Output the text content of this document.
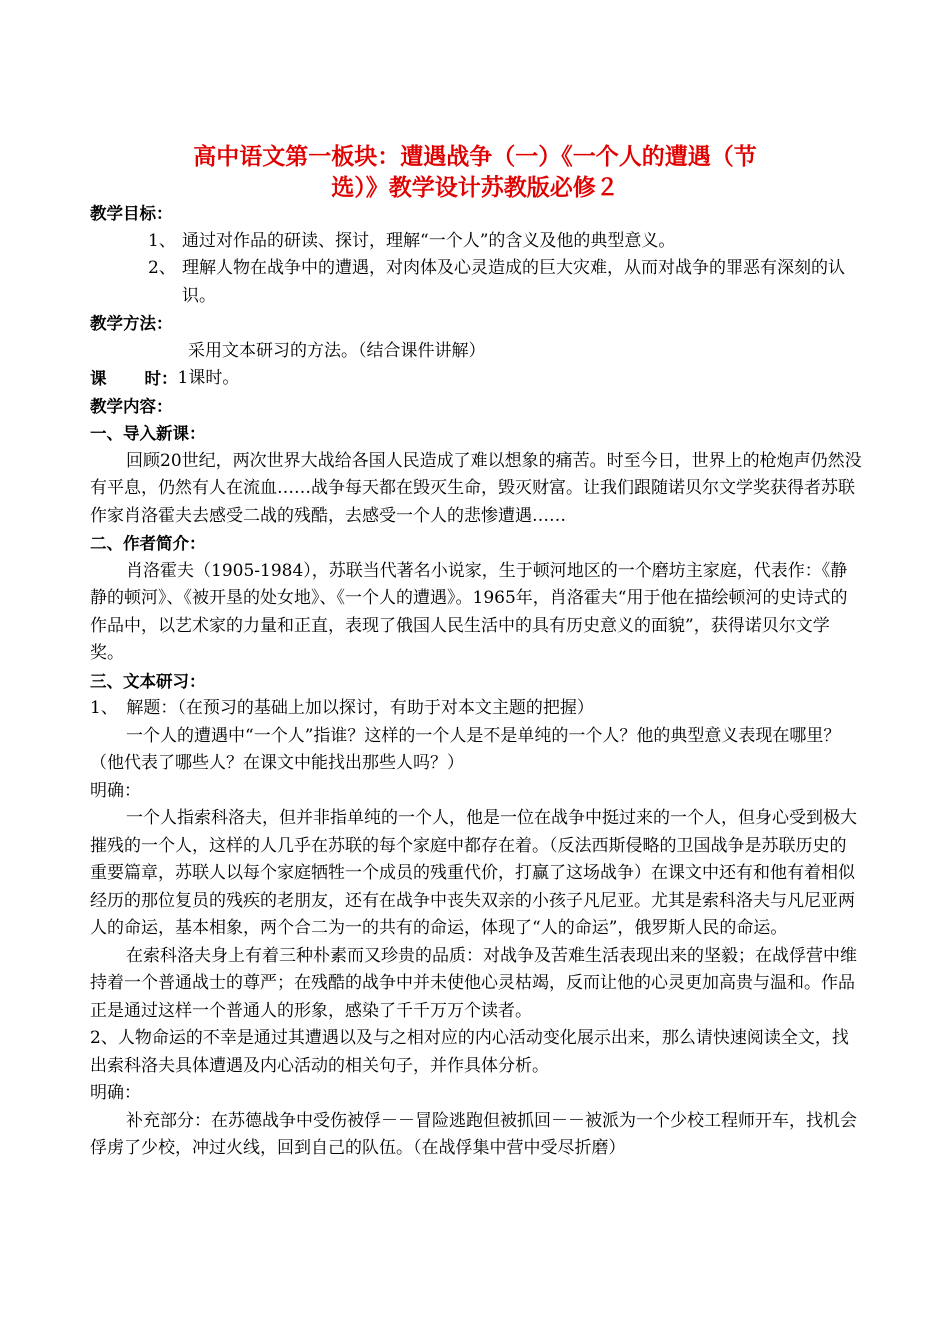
高中语文第一板块：遭遇战争（一）《一个人的遭遇（节
选）》教学设计苏教版必修２

教学目标：

1、 通过对作品的研读、探讨，理解“一个人”的含义及他的典型意义。
2、 理解人物在战争中的遭遇，对肉体及心灵造成的巨大灾难，从而对战争的罪恶有深刻的认识。

教学方法：

采用文本研习的方法。（结合课件讲解）

课 时： 1课时。

教学内容：

一、导入新课：

回顾20世纪，两次世界大战给各国人民造成了难以想象的痛苦。时至今日，世界上的枪炮声仍然没有平息，仍然有人在流血……战争每天都在毁灭生命，毁灭财富。让我们跟随诺贝尔文学奖获得者苏联作家肖洛霍夫去感受二战的残酷，去感受一个人的悲惨遭遇……

二、作者简介：

肖洛霍夫（1905-1984），苏联当代著名小说家，生于顿河地区的一个磨坊主家庭，代表作：《静静的顿河》、《被开垦的处女地》、《一个人的遭遇》。1965年，肖洛霍夫“用于他在描绘顿河的史诗式的作品中，以艺术家的力量和正直，表现了俄国人民生活中的具有历史意义的面貌”，获得诺贝尔文学奖。

三、文本研习：

1、　解题：（在预习的基础上加以探讨，有助于对本文主题的把握）

一个人的遭遇中“一个人”指谁？这样的一个人是不是单纯的一个人？他的典型意义表现在哪里？（他代表了哪些人？在课文中能找出那些人吗？）

明确：

一个人指索科洛夫，但并非指单纯的一个人，他是一位在战争中挺过来的一个人，但身心受到极大摧残的一个人，这样的人几乎在苏联的每个家庭中都存在着。（反法西斯侵略的卫国战争是苏联历史的重要篇章，苏联人以每个家庭牺牲一个成员的残重代价，打赢了这场战争）在课文中还有和他有着相似经历的那位复员的残疾的老朋友，还有在战争中丧失双亲的小孩子凡尼亚。尤其是索科洛夫与凡尼亚两人的命运，基本相象，两个合二为一的共有的命运，体现了“人的命运”，俄罗斯人民的命运。

在索科洛夫身上有着三种朴素而又珍贵的品质：对战争及苦难生活表现出来的坚毅；在战俘营中维持着一个普通战士的尊严；在残酷的战争中并未使他心灵枯竭，反而让他的心灵更加高贵与温和。作品正是通过这样一个普通人的形象，感染了千千万万个读者。

2、人物命运的不幸是通过其遭遇以及与之相对应的内心活动变化展示出来，那么请快速阅读全文，找出索科洛夫具体遭遇及内心活动的相关句子，并作具体分析。

明确：

补充部分：在苏德战争中受伤被俘－－冒险逃跑但被抓回－－被派为一个少校工程师开车，找机会俘虏了少校，冲过火线，回到自己的队伍。（在战俘集中营中受尽折磨）
